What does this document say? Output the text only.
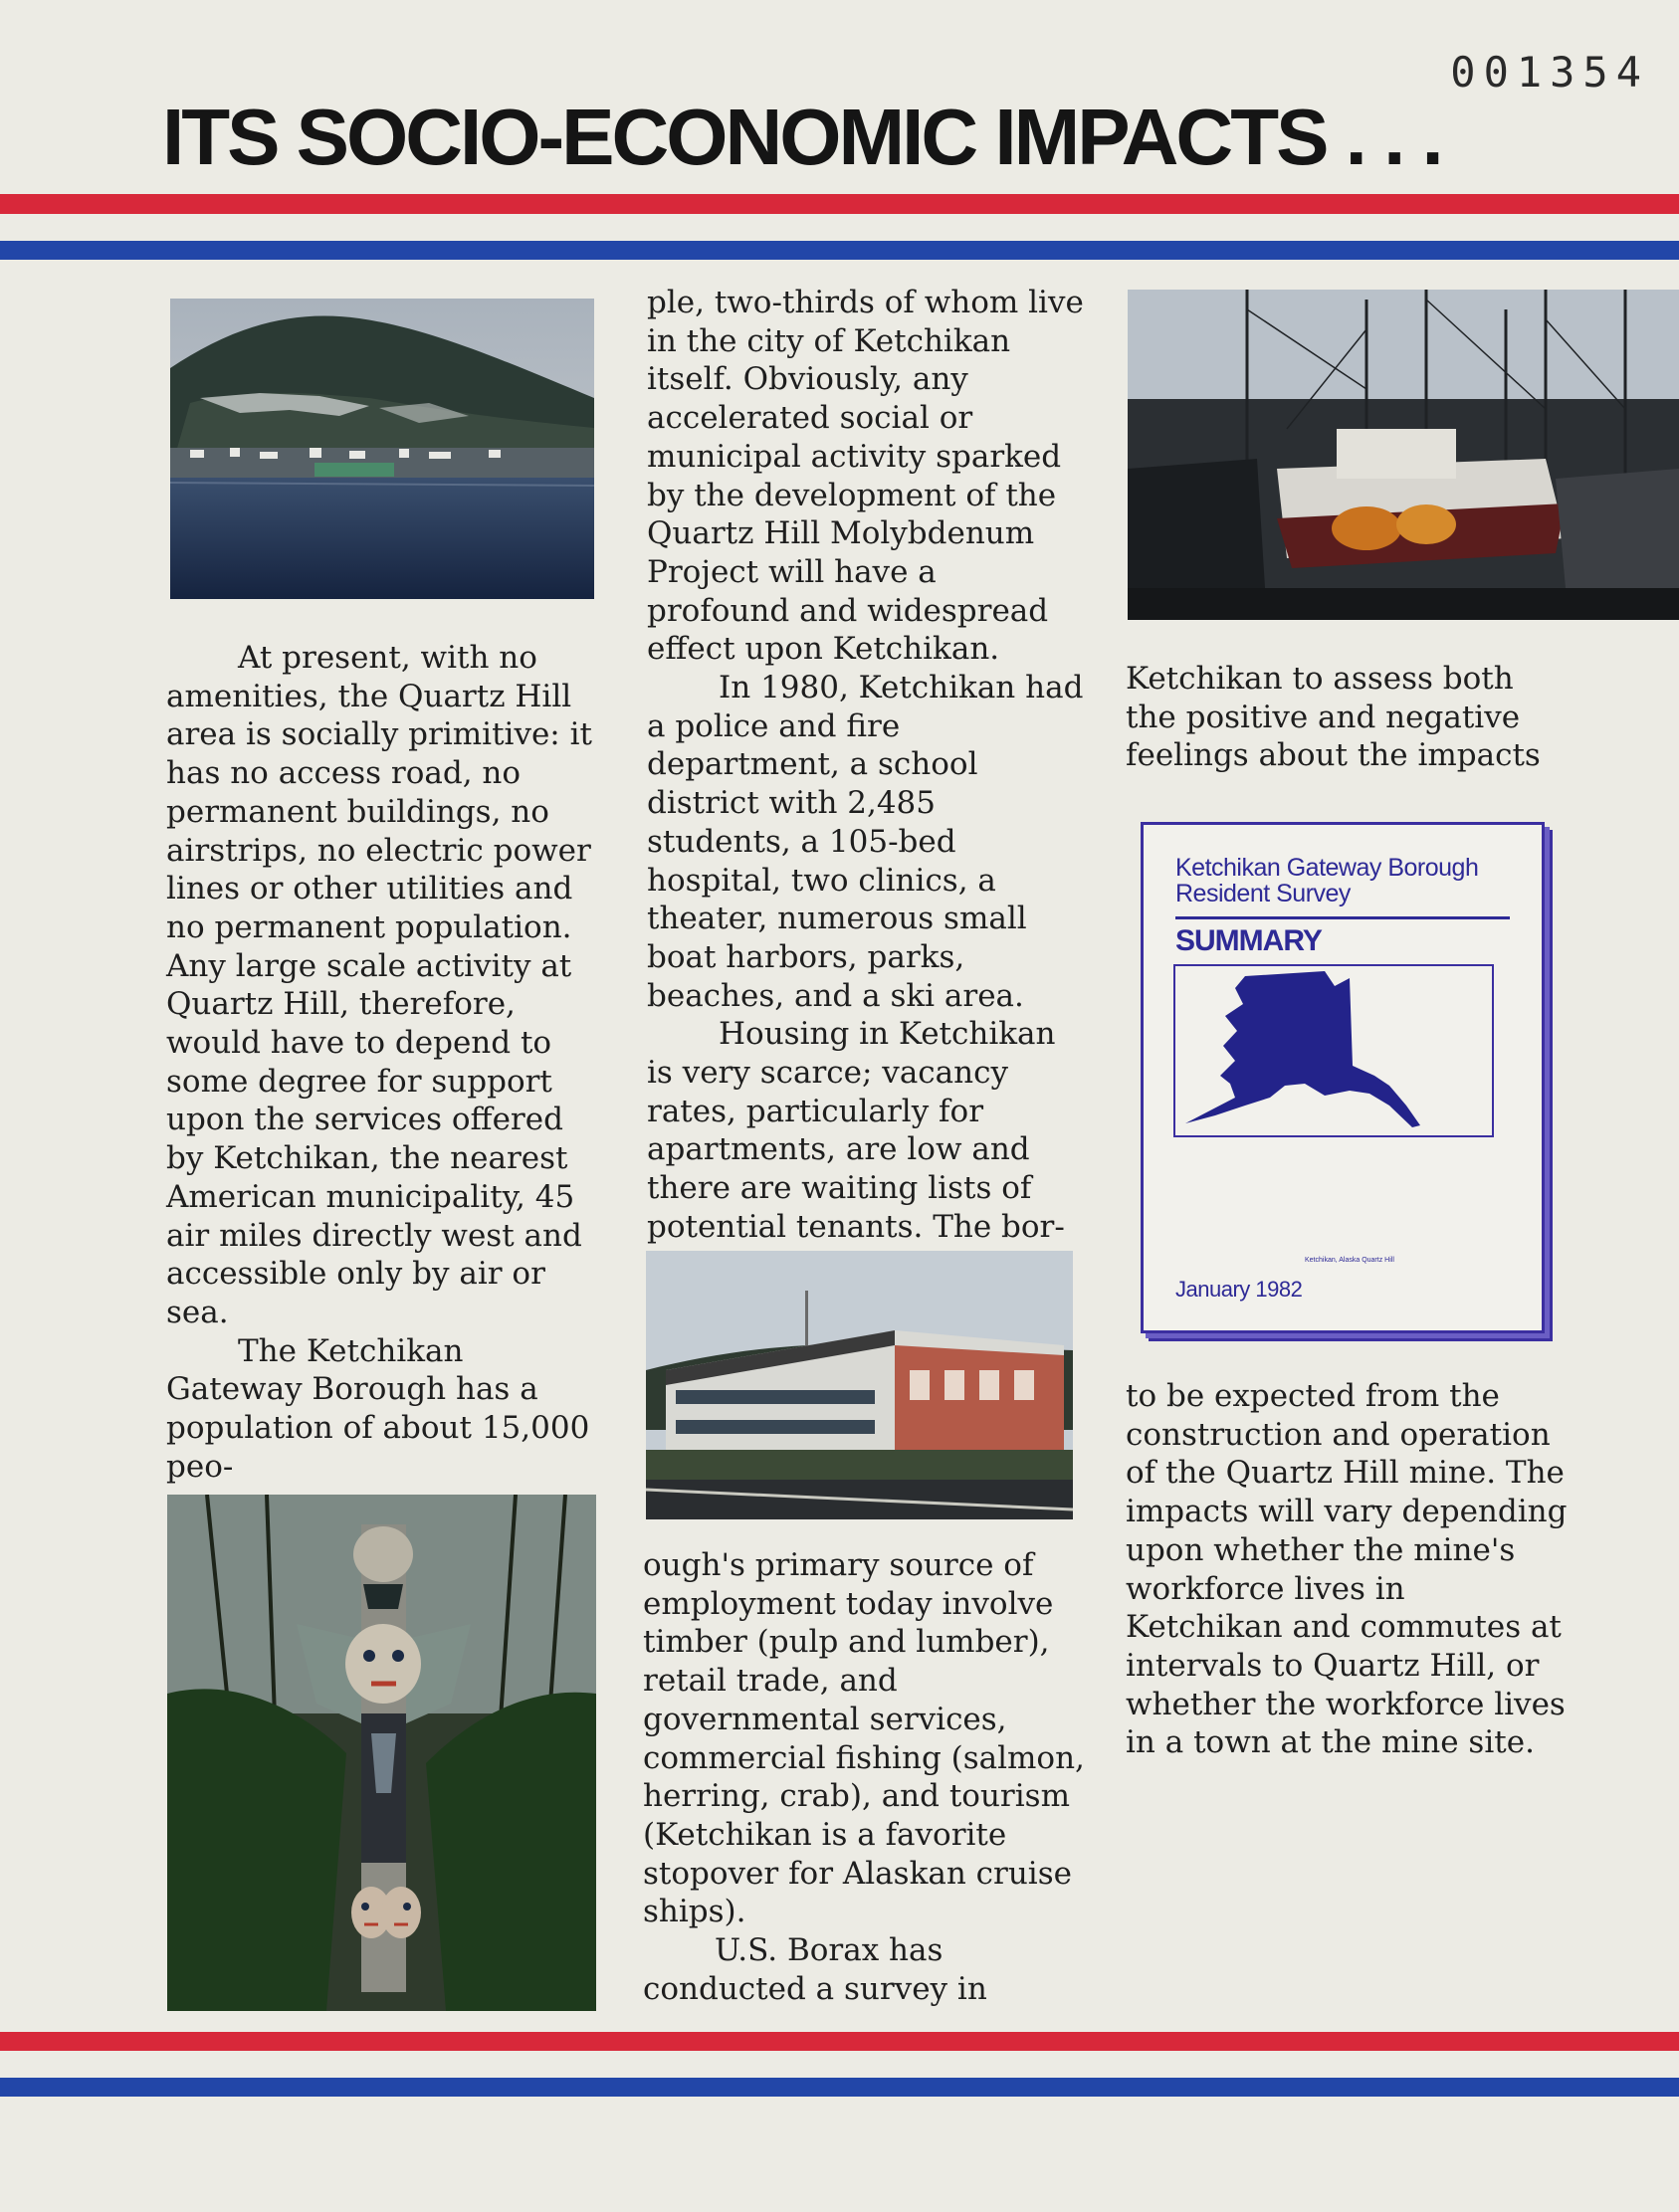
001354
ITS SOCIO-ECONOMIC IMPACTS . . .

At present, with no amenities, the Quartz Hill area is socially primitive: it has no access road, no permanent buildings, no airstrips, no electric power lines or other utilities and no permanent population. Any large scale activity at Quartz Hill, therefore, would have to depend to some degree for support upon the services offered by Ketchikan, the nearest American municipality, 45 air miles directly west and accessible only by air or sea.

The Ketchikan Gateway Borough has a population of about 15,000 peo-

ple, two-thirds of whom live in the city of Ketchikan itself. Obviously, any accelerated social or municipal activity sparked by the development of the Quartz Hill Molybdenum Project will have a profound and widespread effect upon Ketchikan.

In 1980, Ketchikan had a police and fire department, a school district with 2,485 students, a 105-bed hospital, two clinics, a theater, numerous small boat harbors, parks, beaches, and a ski area.

Housing in Ketchikan is very scarce; vacancy rates, particularly for apartments, are low and there are waiting lists of potential tenants. The bor-

Ketchikan to assess both the positive and negative feelings about the impacts

Ketchikan Gateway Borough
Resident Survey
SUMMARY
Ketchikan, Alaska Quartz Hill
January 1982

ough's primary source of employment today involve timber (pulp and lumber), retail trade, and governmental services, commercial fishing (salmon, herring, crab), and tourism (Ketchikan is a favorite stopover for Alaskan cruise ships).

U.S. Borax has conducted a survey in

to be expected from the construction and operation of the Quartz Hill mine. The impacts will vary depending upon whether the mine's workforce lives in Ketchikan and commutes at intervals to Quartz Hill, or whether the workforce lives in a town at the mine site.
